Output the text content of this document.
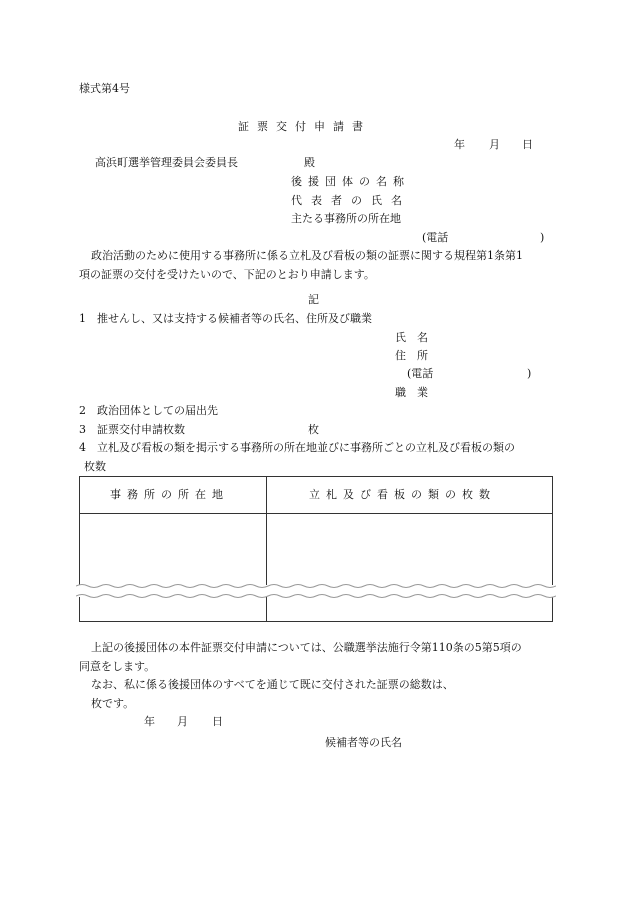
様式第4号
証票交付申請書
年 月 日
高浜町選挙管理委員会委員長	殿
後援団体の名称
代表者の氏名
主たる事務所の所在地
(電話	)
政治活動のために使用する事務所に係る立札及び看板の類の証票に関する規程第1条第1
項の証票の交付を受けたいので、下記のとおり申請します。
記
1　推せんし、又は支持する候補者等の氏名、住所及び職業
氏　名
住　所
(電話	)
職　業
2　政治団体としての届出先
3　証票交付申請枚数	枚
4　立札及び看板の類を掲示する事務所の所在地並びに事務所ごとの立札及び看板の類の
枚数
事務所の所在地	立札及び看板の類の枚数
上記の後援団体の本件証票交付申請については、公職選挙法施行令第110条の5第5項の
同意をします。
なお、私に係る後援団体のすべてを通じて既に交付された証票の総数は、
枚です。
年 月 日
候補者等の氏名
